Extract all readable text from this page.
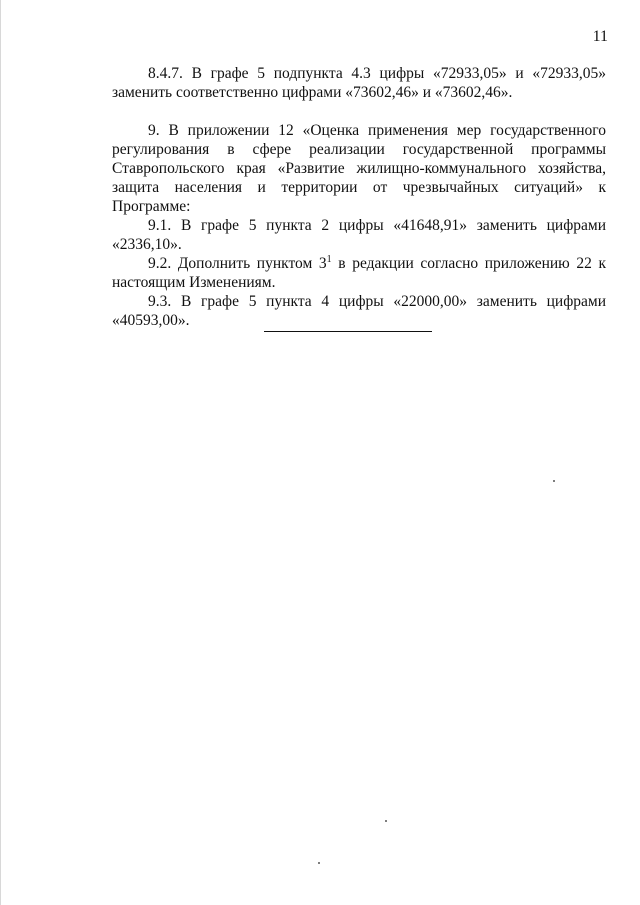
11

8.4.7. В графе 5 подпункта 4.3 цифры «72933,05» и «72933,05» заменить соответственно цифрами «73602,46» и «73602,46».

9. В приложении 12 «Оценка применения мер государственного регулирования в сфере реализации государственной программы Ставропольского края «Развитие жилищно-коммунального хозяйства, защита населения и территории от чрезвычайных ситуаций» к Программе:

9.1. В графе 5 пункта 2 цифры «41648,91» заменить цифрами «2336,10».

9.2. Дополнить пунктом $3^1$ в редакции согласно приложению 22 к настоящим Изменениям.

9.3. В графе 5 пункта 4 цифры «22000,00» заменить цифрами «40593,00».
